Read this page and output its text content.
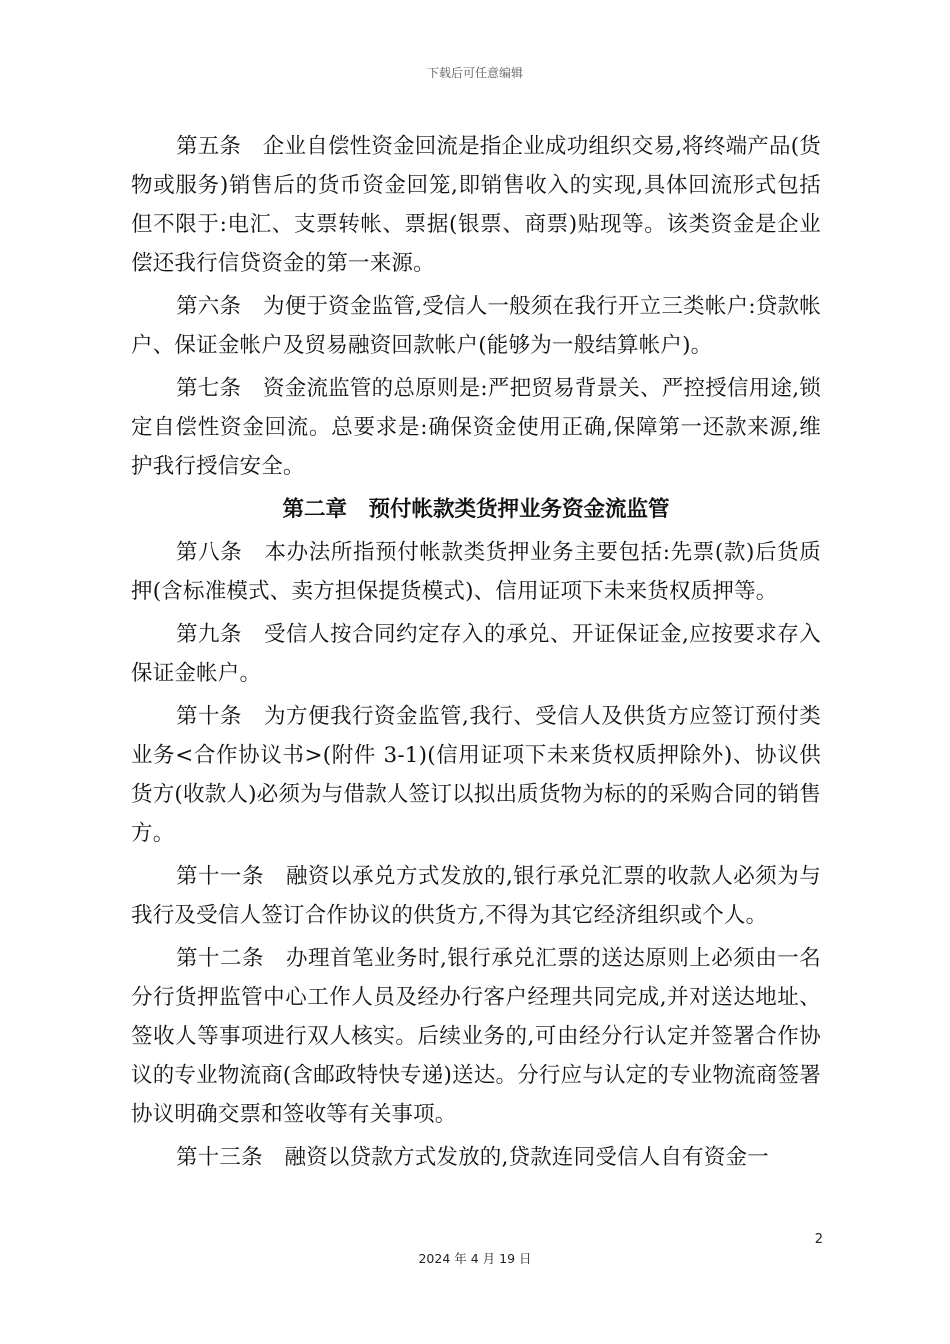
下载后可任意编辑

第五条　企业自偿性资金回流是指企业成功组织交易,将终端产品(货物或服务)销售后的货币资金回笼,即销售收入的实现,具体回流形式包括但不限于:电汇、支票转帐、票据(银票、商票)贴现等。该类资金是企业偿还我行信贷资金的第一来源。

第六条　为便于资金监管,受信人一般须在我行开立三类帐户:贷款帐户、保证金帐户及贸易融资回款帐户(能够为一般结算帐户)。

第七条　资金流监管的总原则是:严把贸易背景关、严控授信用途,锁定自偿性资金回流。总要求是:确保资金使用正确,保障第一还款来源,维护我行授信安全。

第二章　预付帐款类货押业务资金流监管

第八条　本办法所指预付帐款类货押业务主要包括:先票(款)后货质押(含标准模式、卖方担保提货模式)、信用证项下未来货权质押等。

第九条　受信人按合同约定存入的承兑、开证保证金,应按要求存入保证金帐户。

第十条　为方便我行资金监管,我行、受信人及供货方应签订预付类业务<合作协议书>(附件 3-1)(信用证项下未来货权质押除外)、协议供货方(收款人)必须为与借款人签订以拟出质货物为标的的采购合同的销售方。

第十一条　融资以承兑方式发放的,银行承兑汇票的收款人必须为与我行及受信人签订合作协议的供货方,不得为其它经济组织或个人。

第十二条　办理首笔业务时,银行承兑汇票的送达原则上必须由一名分行货押监管中心工作人员及经办行客户经理共同完成,并对送达地址、签收人等事项进行双人核实。后续业务的,可由经分行认定并签署合作协议的专业物流商(含邮政特快专递)送达。分行应与认定的专业物流商签署协议明确交票和签收等有关事项。

第十三条　融资以贷款方式发放的,贷款连同受信人自有资金一

2
2024 年 4 月 19 日
